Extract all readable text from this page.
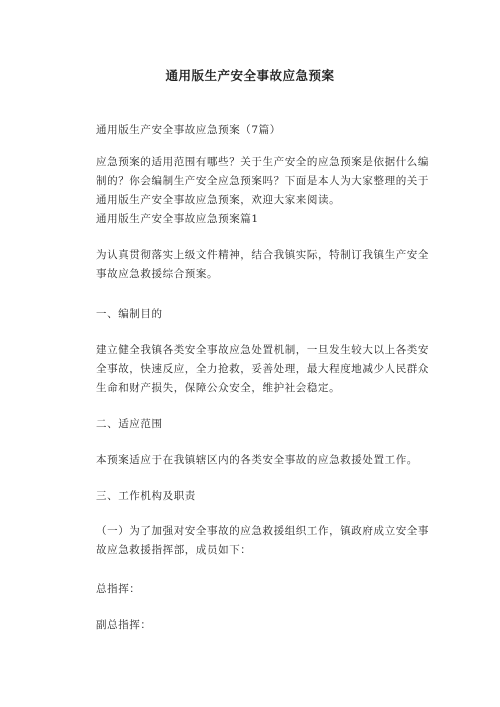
通用版生产安全事故应急预案
通用版生产安全事故应急预案（7篇）
应急预案的适用范围有哪些？关于生产安全的应急预案是依据什么编制的？你会编制生产安全应急预案吗？下面是本人为大家整理的关于通用版生产安全事故应急预案，欢迎大家来阅读。
通用版生产安全事故应急预案篇1
为认真贯彻落实上级文件精神，结合我镇实际，特制订我镇生产安全事故应急救援综合预案。
一、编制目的
建立健全我镇各类安全事故应急处置机制，一旦发生较大以上各类安全事故，快速反应，全力抢救，妥善处理，最大程度地减少人民群众生命和财产损失，保障公众安全，维护社会稳定。
二、适应范围
本预案适应于在我镇辖区内的各类安全事故的应急救援处置工作。
三、工作机构及职责
（一）为了加强对安全事故的应急救援组织工作，镇政府成立安全事故应急救援指挥部，成员如下：
总指挥：
副总指挥：
